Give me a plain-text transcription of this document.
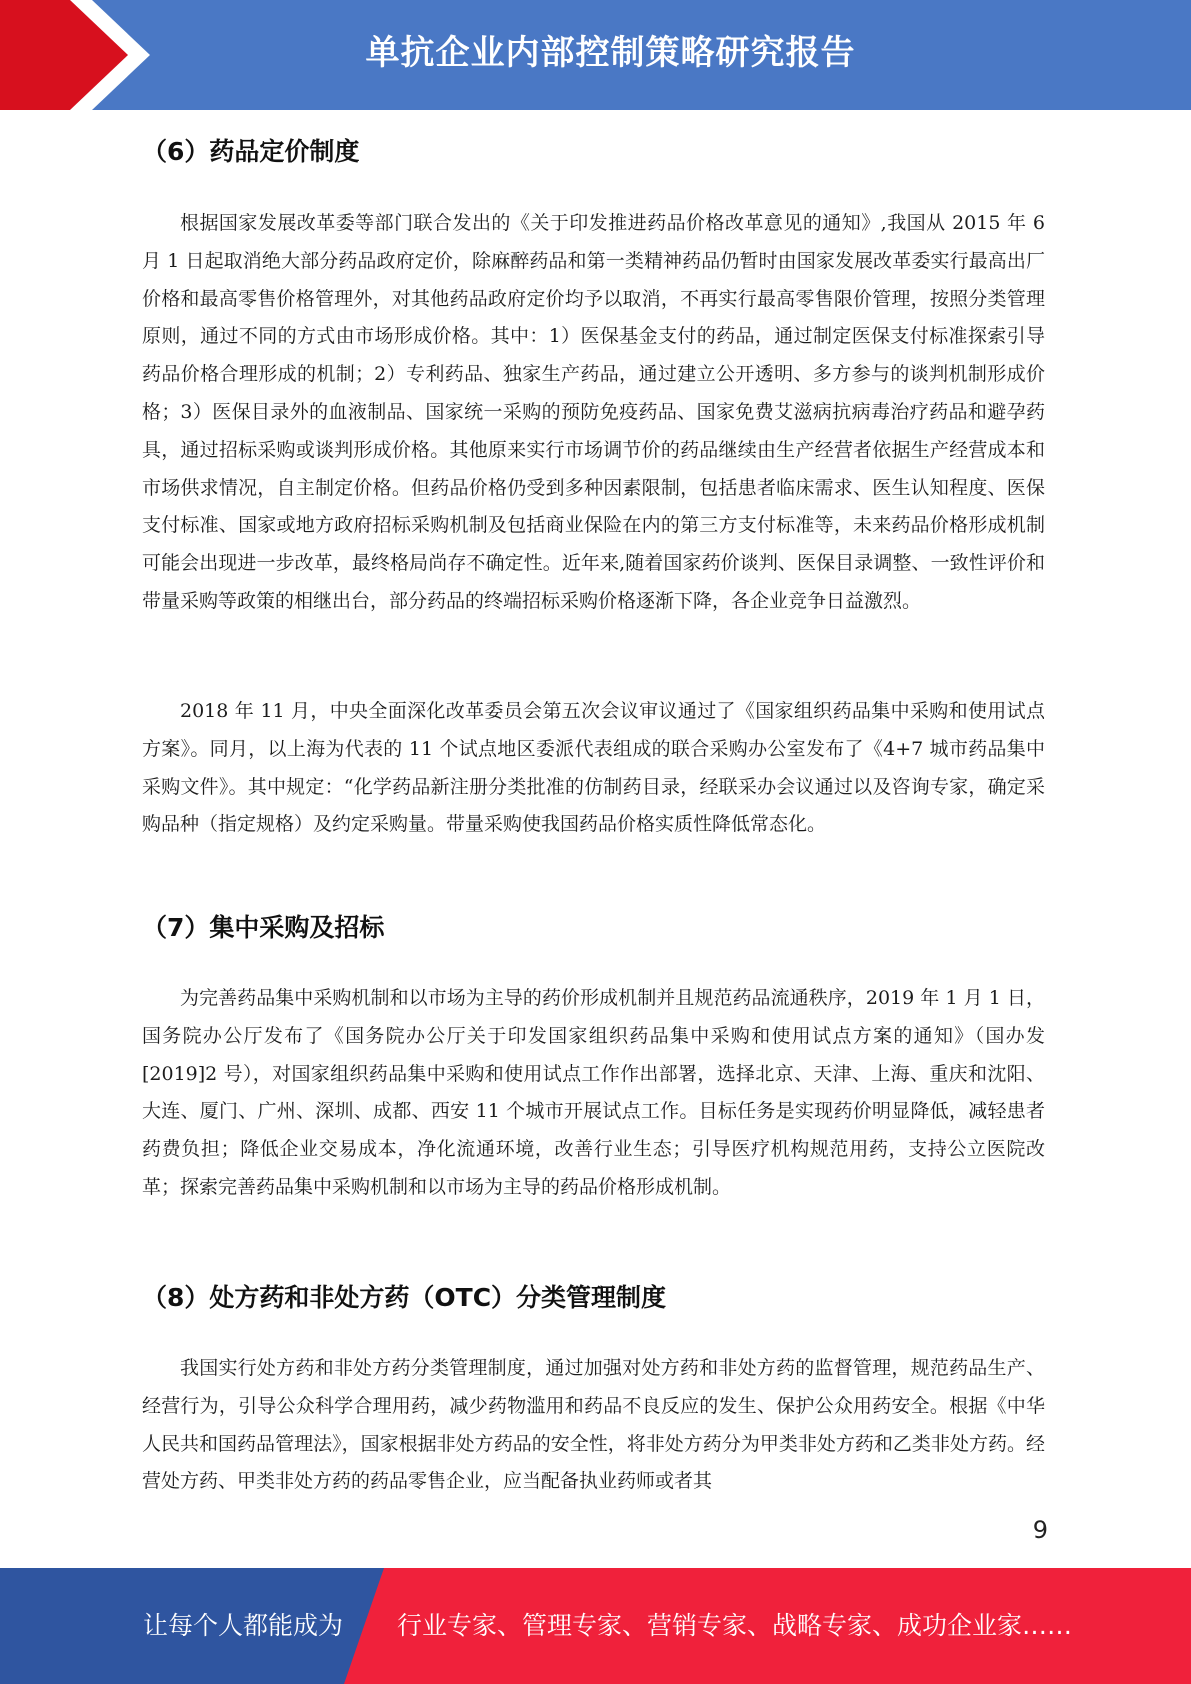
单抗企业内部控制策略研究报告
（6）药品定价制度

根据国家发展改革委等部门联合发出的《关于印发推进药品价格改革意见的通知》,我国从 2015 年 6 月 1 日起取消绝大部分药品政府定价，除麻醉药品和第一类精神药品仍暂时由国家发展改革委实行最高出厂价格和最高零售价格管理外，对其他药品政府定价均予以取消，不再实行最高零售限价管理，按照分类管理原则，通过不同的方式由市场形成价格。其中：1）医保基金支付的药品，通过制定医保支付标准探索引导药品价格合理形成的机制；2）专利药品、独家生产药品，通过建立公开透明、多方参与的谈判机制形成价格；3）医保目录外的血液制品、国家统一采购的预防免疫药品、国家免费艾滋病抗病毒治疗药品和避孕药具，通过招标采购或谈判形成价格。其他原来实行市场调节价的药品继续由生产经营者依据生产经营成本和市场供求情况，自主制定价格。但药品价格仍受到多种因素限制，包括患者临床需求、医生认知程度、医保支付标准、国家或地方政府招标采购机制及包括商业保险在内的第三方支付标准等，未来药品价格形成机制可能会出现进一步改革，最终格局尚存不确定性。近年来,随着国家药价谈判、医保目录调整、一致性评价和带量采购等政策的相继出台，部分药品的终端招标采购价格逐渐下降，各企业竞争日益激烈。

2018 年 11 月，中央全面深化改革委员会第五次会议审议通过了《国家组织药品集中采购和使用试点方案》。同月，以上海为代表的 11 个试点地区委派代表组成的联合采购办公室发布了《4+7 城市药品集中采购文件》。其中规定：“化学药品新注册分类批准的仿制药目录，经联采办会议通过以及咨询专家，确定采购品种（指定规格）及约定采购量。带量采购使我国药品价格实质性降低常态化。

（7）集中采购及招标

为完善药品集中采购机制和以市场为主导的药价形成机制并且规范药品流通秩序，2019 年 1 月 1 日，国务院办公厅发布了《国务院办公厅关于印发国家组织药品集中采购和使用试点方案的通知》（国办发[2019]2 号），对国家组织药品集中采购和使用试点工作作出部署，选择北京、天津、上海、重庆和沈阳、大连、厦门、广州、深圳、成都、西安 11 个城市开展试点工作。目标任务是实现药价明显降低，减轻患者药费负担；降低企业交易成本，净化流通环境，改善行业生态；引导医疗机构规范用药，支持公立医院改革；探索完善药品集中采购机制和以市场为主导的药品价格形成机制。

（8）处方药和非处方药（OTC）分类管理制度

我国实行处方药和非处方药分类管理制度，通过加强对处方药和非处方药的监督管理，规范药品生产、经营行为，引导公众科学合理用药，减少药物滥用和药品不良反应的发生、保护公众用药安全。根据《中华人民共和国药品管理法》，国家根据非处方药品的安全性，将非处方药分为甲类非处方药和乙类非处方药。经营处方药、甲类非处方药的药品零售企业，应当配备执业药师或者其

9
让每个人都能成为 行业专家、管理专家、营销专家、战略专家、成功企业家……
